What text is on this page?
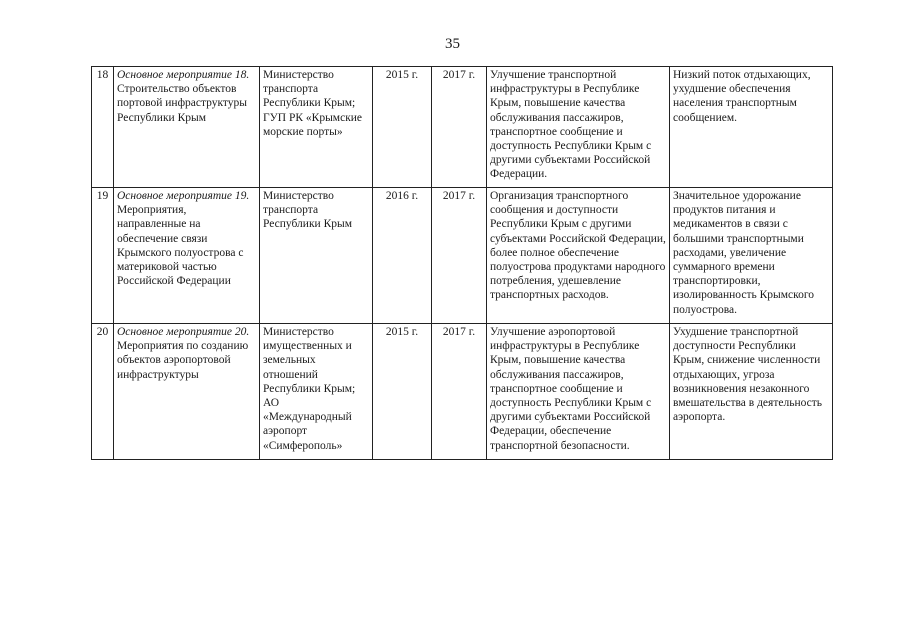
35
18	Основное мероприятие 18.
Строительство объектов портовой инфраструктуры Республики Крым	Министерство транспорта Республики Крым;
ГУП РК «Крымские морские порты»	2015 г.	2017 г.	Улучшение транспортной инфраструктуры в Республике Крым, повышение качества обслуживания пассажиров, транспортное сообщение и доступность Республики Крым с другими субъектами Российской Федерации.	Низкий поток отдыхающих, ухудшение обеспечения населения транспортным сообщением.
19	Основное мероприятие 19.
Мероприятия, направленные на обеспечение связи Крымского полуострова с материковой частью Российской Федерации	Министерство транспорта Республики Крым	2016 г.	2017 г.	Организация транспортного сообщения и доступности Республики Крым с другими субъектами Российской Федерации, более полное обеспечение полуострова продуктами народного потребления, удешевление транспортных расходов.	Значительное удорожание продуктов питания и медикаментов в связи с большими транспортными расходами, увеличение суммарного времени транспортировки, изолированность Крымского полуострова.
20	Основное мероприятие 20.
Мероприятия по созданию объектов аэропортовой инфраструктуры	Министерство имущественных и земельных отношений Республики Крым; АО «Международный аэропорт «Симферополь»	2015 г.	2017 г.	Улучшение аэропортовой инфраструктуры в Республике Крым, повышение качества обслуживания пассажиров, транспортное сообщение и доступность Республики Крым с другими субъектами Российской Федерации, обеспечение транспортной безопасности.	Ухудшение транспортной доступности Республики Крым, снижение численности отдыхающих, угроза возникновения незаконного вмешательства в деятельность аэропорта.
